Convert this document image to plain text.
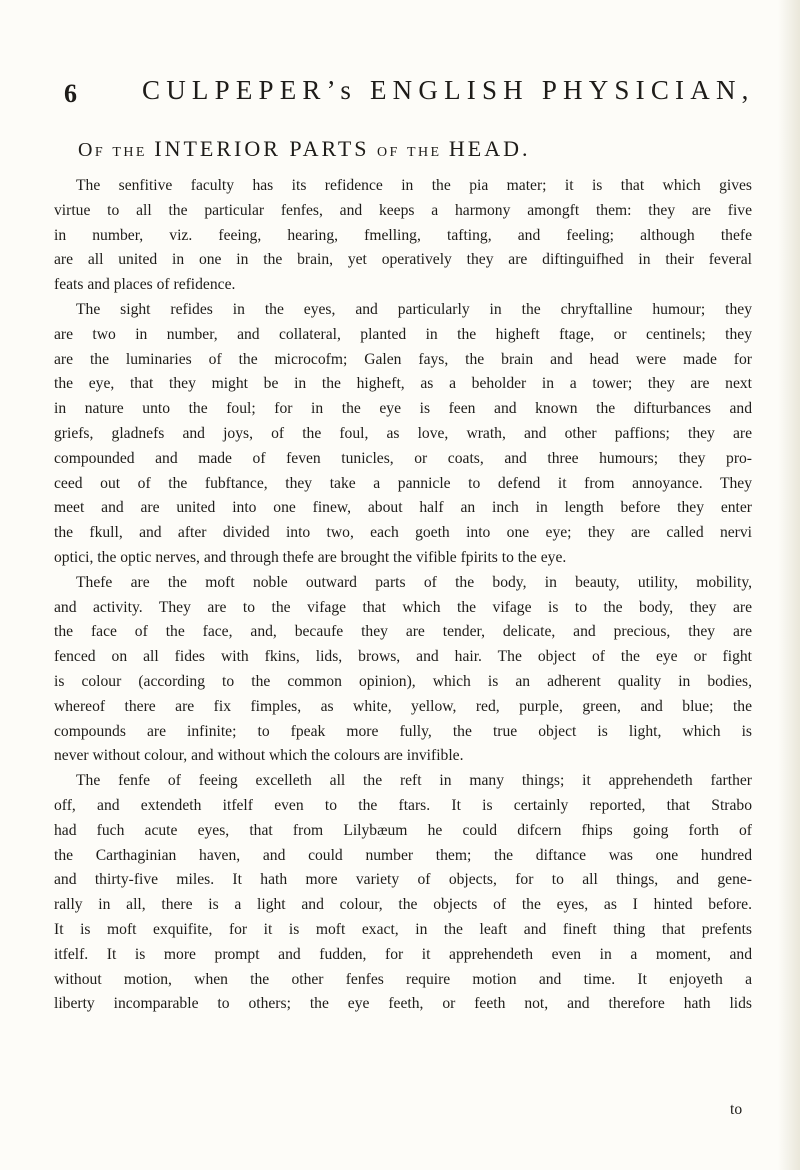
6 CULPEPER’s ENGLISH PHYSICIAN,
Of the INTERIOR PARTS of the HEAD.
The senfitive faculty has its refidence in the pia mater; it is that which gives
virtue to all the particular fenfes, and keeps a harmony amongft them: they are five
in number, viz. feeing, hearing, fmelling, tafting, and feeling; although thefe
are all united in one in the brain, yet operatively they are diftinguifhed in their feveral
feats and places of refidence.
The sight refides in the eyes, and particularly in the chryftalline humour; they
are two in number, and collateral, planted in the higheft ftage, or centinels; they
are the luminaries of the microcofm; Galen fays, the brain and head were made for
the eye, that they might be in the higheft, as a beholder in a tower; they are next
in nature unto the foul; for in the eye is feen and known the difturbances and
griefs, gladnefs and joys, of the foul, as love, wrath, and other paffions; they are
compounded and made of feven tunicles, or coats, and three humours; they pro-
ceed out of the fubftance, they take a pannicle to defend it from annoyance. They
meet and are united into one finew, about half an inch in length before they enter
the fkull, and after divided into two, each goeth into one eye; they are called nervi
optici, the optic nerves, and through thefe are brought the vifible fpirits to the eye.
Thefe are the moft noble outward parts of the body, in beauty, utility, mobility,
and activity. They are to the vifage that which the vifage is to the body, they are
the face of the face, and, becaufe they are tender, delicate, and precious, they are
fenced on all fides with fkins, lids, brows, and hair. The object of the eye or fight
is colour (according to the common opinion), which is an adherent quality in bodies,
whereof there are fix fimples, as white, yellow, red, purple, green, and blue; the
compounds are infinite; to fpeak more fully, the true object is light, which is
never without colour, and without which the colours are invifible.
The fenfe of feeing excelleth all the reft in many things; it apprehendeth farther
off, and extendeth itfelf even to the ftars. It is certainly reported, that Strabo
had fuch acute eyes, that from Lilybæum he could difcern fhips going forth of
the Carthaginian haven, and could number them; the diftance was one hundred
and thirty-five miles. It hath more variety of objects, for to all things, and gene-
rally in all, there is a light and colour, the objects of the eyes, as I hinted before.
It is moft exquifite, for it is moft exact, in the leaft and fineft thing that prefents
itfelf. It is more prompt and fudden, for it apprehendeth even in a moment, and
without motion, when the other fenfes require motion and time. It enjoyeth a
liberty incomparable to others; the eye feeth, or feeth not, and therefore hath lids
to
